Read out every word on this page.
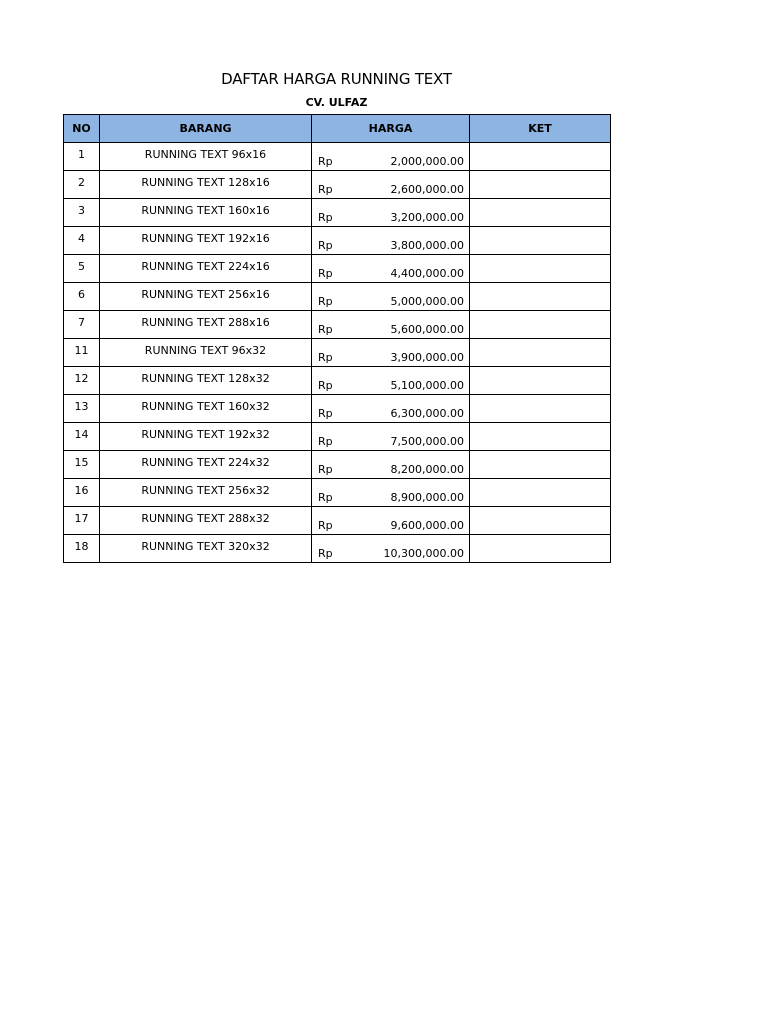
DAFTAR HARGA RUNNING TEXT
CV. ULFAZ
NO	BARANG	HARGA	KET
1	RUNNING TEXT 96x16	Rp 2,000,000.00	

2	RUNNING TEXT 128x16	Rp 2,600,000.00	

3	RUNNING TEXT 160x16	Rp 3,200,000.00	

4	RUNNING TEXT 192x16	Rp 3,800,000.00	

5	RUNNING TEXT 224x16	Rp 4,400,000.00	

6	RUNNING TEXT 256x16	Rp 5,000,000.00	

7	RUNNING TEXT 288x16	Rp 5,600,000.00	

11	RUNNING TEXT 96x32	Rp 3,900,000.00	

12	RUNNING TEXT 128x32	Rp 5,100,000.00	

13	RUNNING TEXT 160x32	Rp 6,300,000.00	

14	RUNNING TEXT 192x32	Rp 7,500,000.00	

15	RUNNING TEXT 224x32	Rp 8,200,000.00	

16	RUNNING TEXT 256x32	Rp 8,900,000.00	

17	RUNNING TEXT 288x32	Rp 9,600,000.00	

18	RUNNING TEXT 320x32	Rp 10,300,000.00	
